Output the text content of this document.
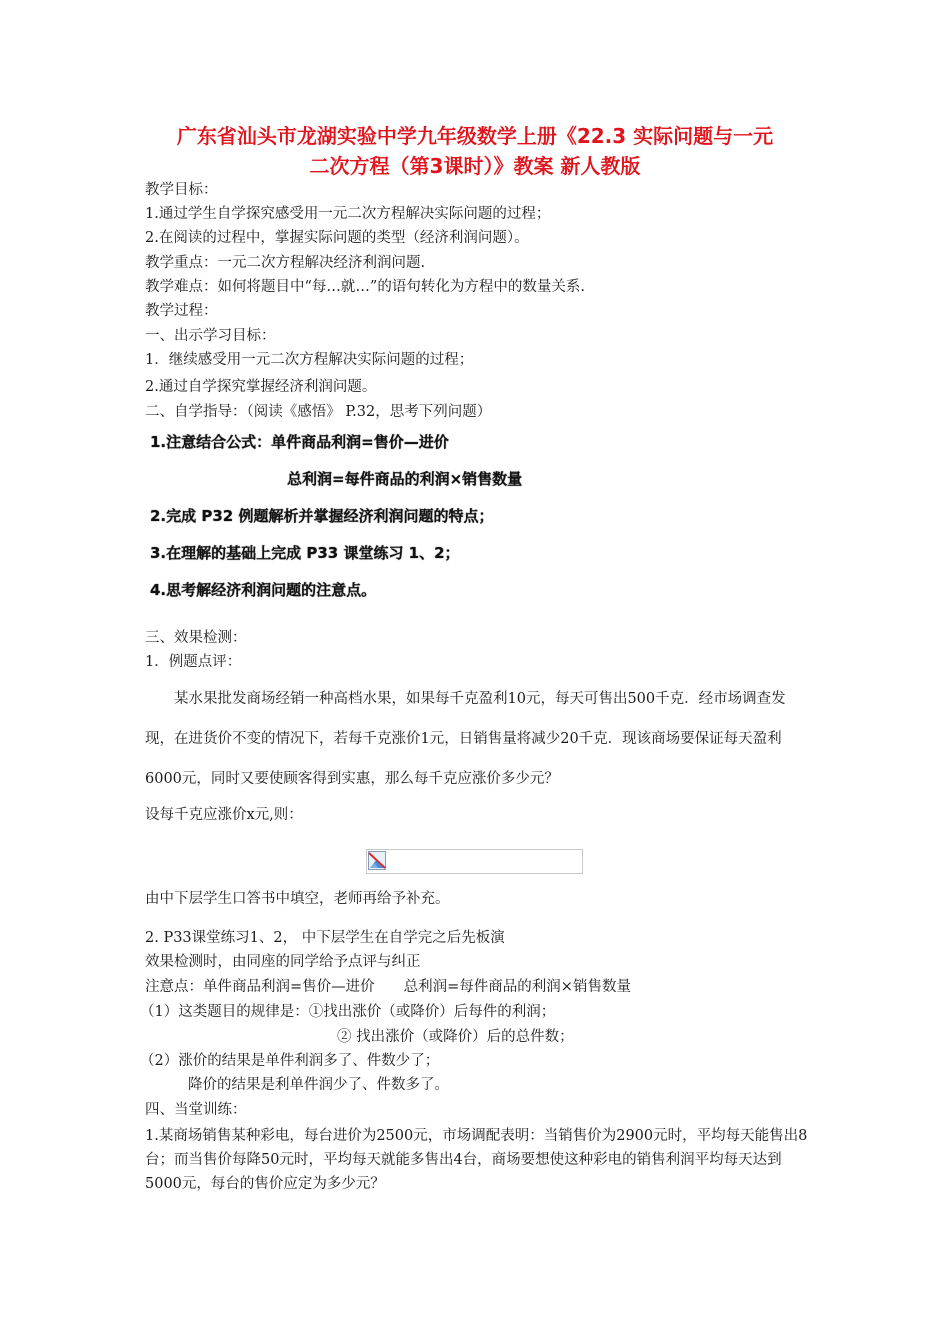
广东省汕头市龙湖实验中学九年级数学上册《22.3 实际问题与一元
二次方程（第3课时）》教案 新人教版
教学目标：
1.通过学生自学探究感受用一元二次方程解决实际问题的过程；
2.在阅读的过程中，掌握实际问题的类型（经济利润问题）。
教学重点：一元二次方程解决经济利润问题.
教学难点：如何将题目中“每…就…”的语句转化为方程中的数量关系.
教学过程：
一、出示学习目标：
1．继续感受用一元二次方程解决实际问题的过程；
2.通过自学探究掌握经济利润问题。
二、自学指导：（阅读《感悟》 P.32，思考下列问题）
1.注意结合公式：单件商品利润=售价—进价
总利润=每件商品的利润×销售数量
2.完成 P32 例题解析并掌握经济利润问题的特点；
3.在理解的基础上完成 P33 课堂练习 1、2；
4.思考解经济利润问题的注意点。
三、效果检测：
1．例题点评：

某水果批发商场经销一种高档水果，如果每千克盈利10元，每天可售出500千克．经市场调查发现，在进货价不变的情况下，若每千克涨价1元，日销售量将减少20千克．现该商场要保证每天盈利6000元，同时又要使顾客得到实惠，那么每千克应涨价多少元？

设每千克应涨价x元,则：
由中下层学生口答书中填空，老师再给予补充。
2. P33课堂练习1、2， 中下层学生在自学完之后先板演
效果检测时，由同座的同学给予点评与纠正
注意点：单件商品利润=售价—进价　　总利润=每件商品的利润×销售数量
（1）这类题目的规律是：①找出涨价（或降价）后每件的利润；
② 找出涨价（或降价）后的总件数；
（2）涨价的结果是单件利润多了、件数少了；
降价的结果是利单件润少了、件数多了。
四、当堂训练：

1.某商场销售某种彩电，每台进价为2500元，市场调配表明：当销售价为2900元时，平均每天能售出8台；而当售价每降50元时，平均每天就能多售出4台，商场要想使这种彩电的销售利润平均每天达到5000元，每台的售价应定为多少元？
